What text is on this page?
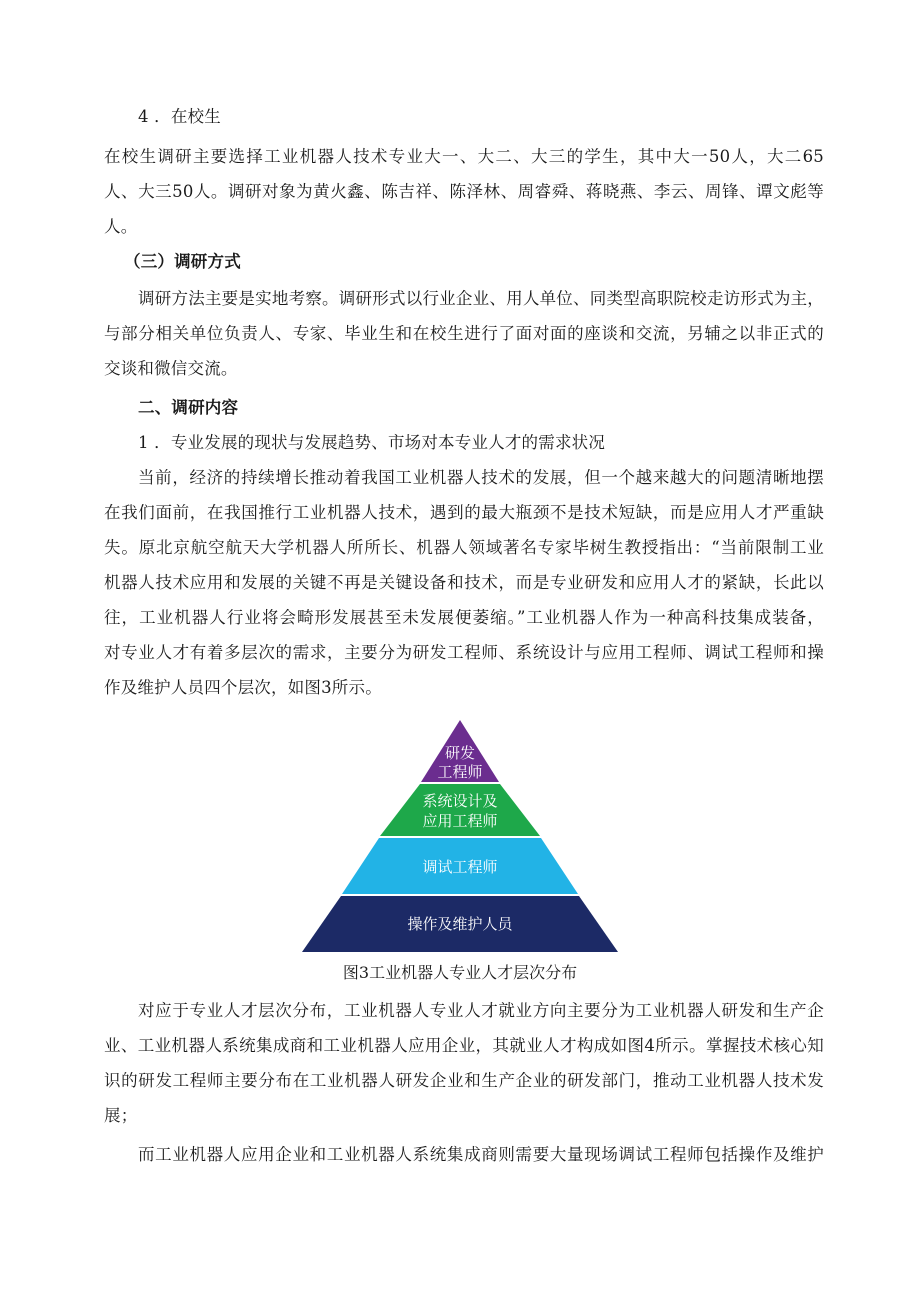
4 ．在校生
在校生调研主要选择工业机器人技术专业大一、大二、大三的学生，其中大一50人，大二65
人、大三50人。调研对象为黄火鑫、陈吉祥、陈泽林、周睿舜、蒋晓燕、李云、周锋、谭文彪等
人。
（三）调研方式
调研方法主要是实地考察。调研形式以行业企业、用人单位、同类型高职院校走访形式为主，
与部分相关单位负责人、专家、毕业生和在校生进行了面对面的座谈和交流，另辅之以非正式的
交谈和微信交流。
二、调研内容
1 ．专业发展的现状与发展趋势、市场对本专业人才的需求状况
当前，经济的持续增长推动着我国工业机器人技术的发展，但一个越来越大的问题清晰地摆
在我们面前，在我国推行工业机器人技术，遇到的最大瓶颈不是技术短缺，而是应用人才严重缺
失。原北京航空航天大学机器人所所长、机器人领域著名专家毕树生教授指出：“当前限制工业
机器人技术应用和发展的关键不再是关键设备和技术，而是专业研发和应用人才的紧缺，长此以
往，工业机器人行业将会畸形发展甚至未发展便萎缩。”工业机器人作为一种高科技集成装备，
对专业人才有着多层次的需求，主要分为研发工程师、系统设计与应用工程师、调试工程师和操
作及维护人员四个层次，如图3所示。
研发
工程师
系统设计及
应用工程师
调试工程师
操作及维护人员
图3工业机器人专业人才层次分布
对应于专业人才层次分布，工业机器人专业人才就业方向主要分为工业机器人研发和生产企
业、工业机器人系统集成商和工业机器人应用企业，其就业人才构成如图4所示。掌握技术核心知
识的研发工程师主要分布在工业机器人研发企业和生产企业的研发部门，推动工业机器人技术发
展；
而工业机器人应用企业和工业机器人系统集成商则需要大量现场调试工程师包括操作及维护
